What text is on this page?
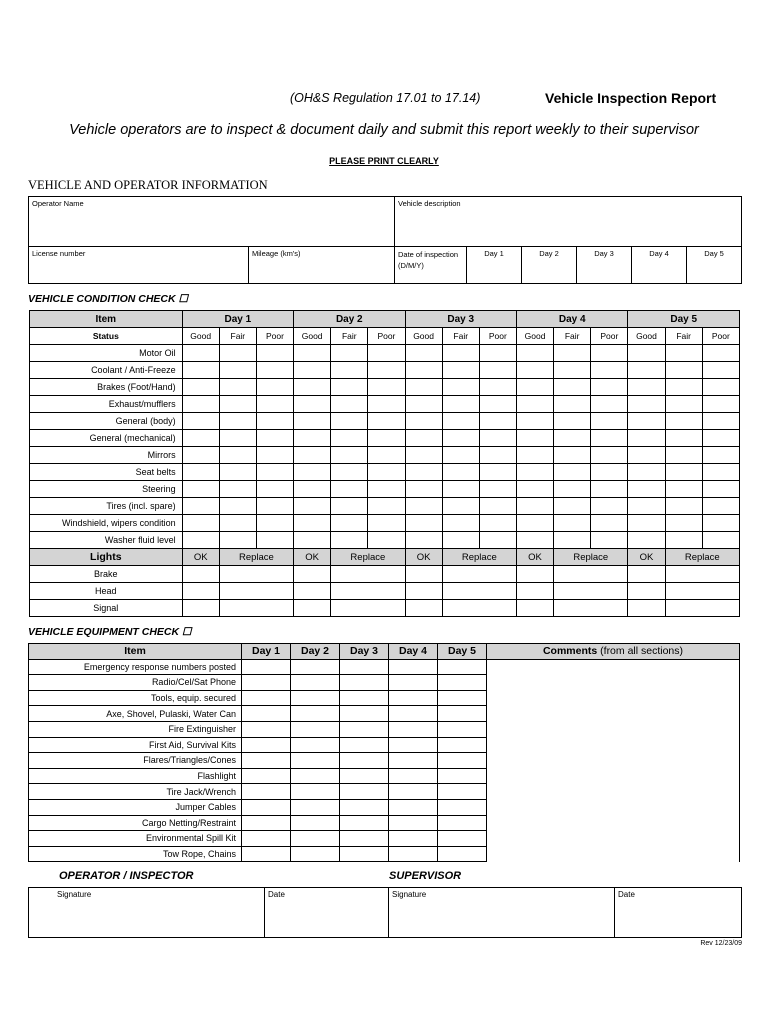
(OH&S Regulation 17.01 to 17.14)	Vehicle Inspection Report
Vehicle operators are to inspect & document daily and submit this report weekly to their supervisor
PLEASE PRINT CLEARLY
VEHICLE AND OPERATOR INFORMATION
Operator Name		Vehicle description					
License number	Mileage (km's)	Date of inspection (D/M/Y)	Day 1	Day 2	Day 3	Day 4	Day 5
VEHICLE CONDITION CHECK ☐
Item	Day 1			Day 2			Day 3			Day 4			Day 5		
Status	Good	Fair	Poor	Good	Fair	Poor	Good	Fair	Poor	Good	Fair	Poor	Good	Fair	Poor
Motor Oil															
Coolant / Anti-Freeze															
Brakes (Foot/Hand)															
Exhaust/mufflers															
General (body)															
General (mechanical)															
Mirrors															
Seat belts															
Steering															
Tires (incl. spare)															
Windshield, wipers condition															
Washer fluid level															
Lights	OK	Replace		OK	Replace		OK	Replace		OK	Replace		OK	Replace	
Brake															
Head															
Signal															
VEHICLE EQUIPMENT CHECK ☐
Item	Day 1	Day 2	Day 3	Day 4	Day 5	Comments (from all sections)
Emergency response numbers posted						
Radio/Cel/Sat Phone						
Tools, equip. secured						
Axe, Shovel, Pulaski, Water Can						
Fire Extinguisher						
First Aid, Survival Kits						
Flares/Triangles/Cones						
Flashlight						
Tire Jack/Wrench						
Jumper Cables						
Cargo Netting/Restraint						
Environmental Spill Kit						
Tow Rope, Chains						
OPERATOR / INSPECTOR	SUPERVISOR
Signature	Date	Signature	Date
Rev 12/23/09
